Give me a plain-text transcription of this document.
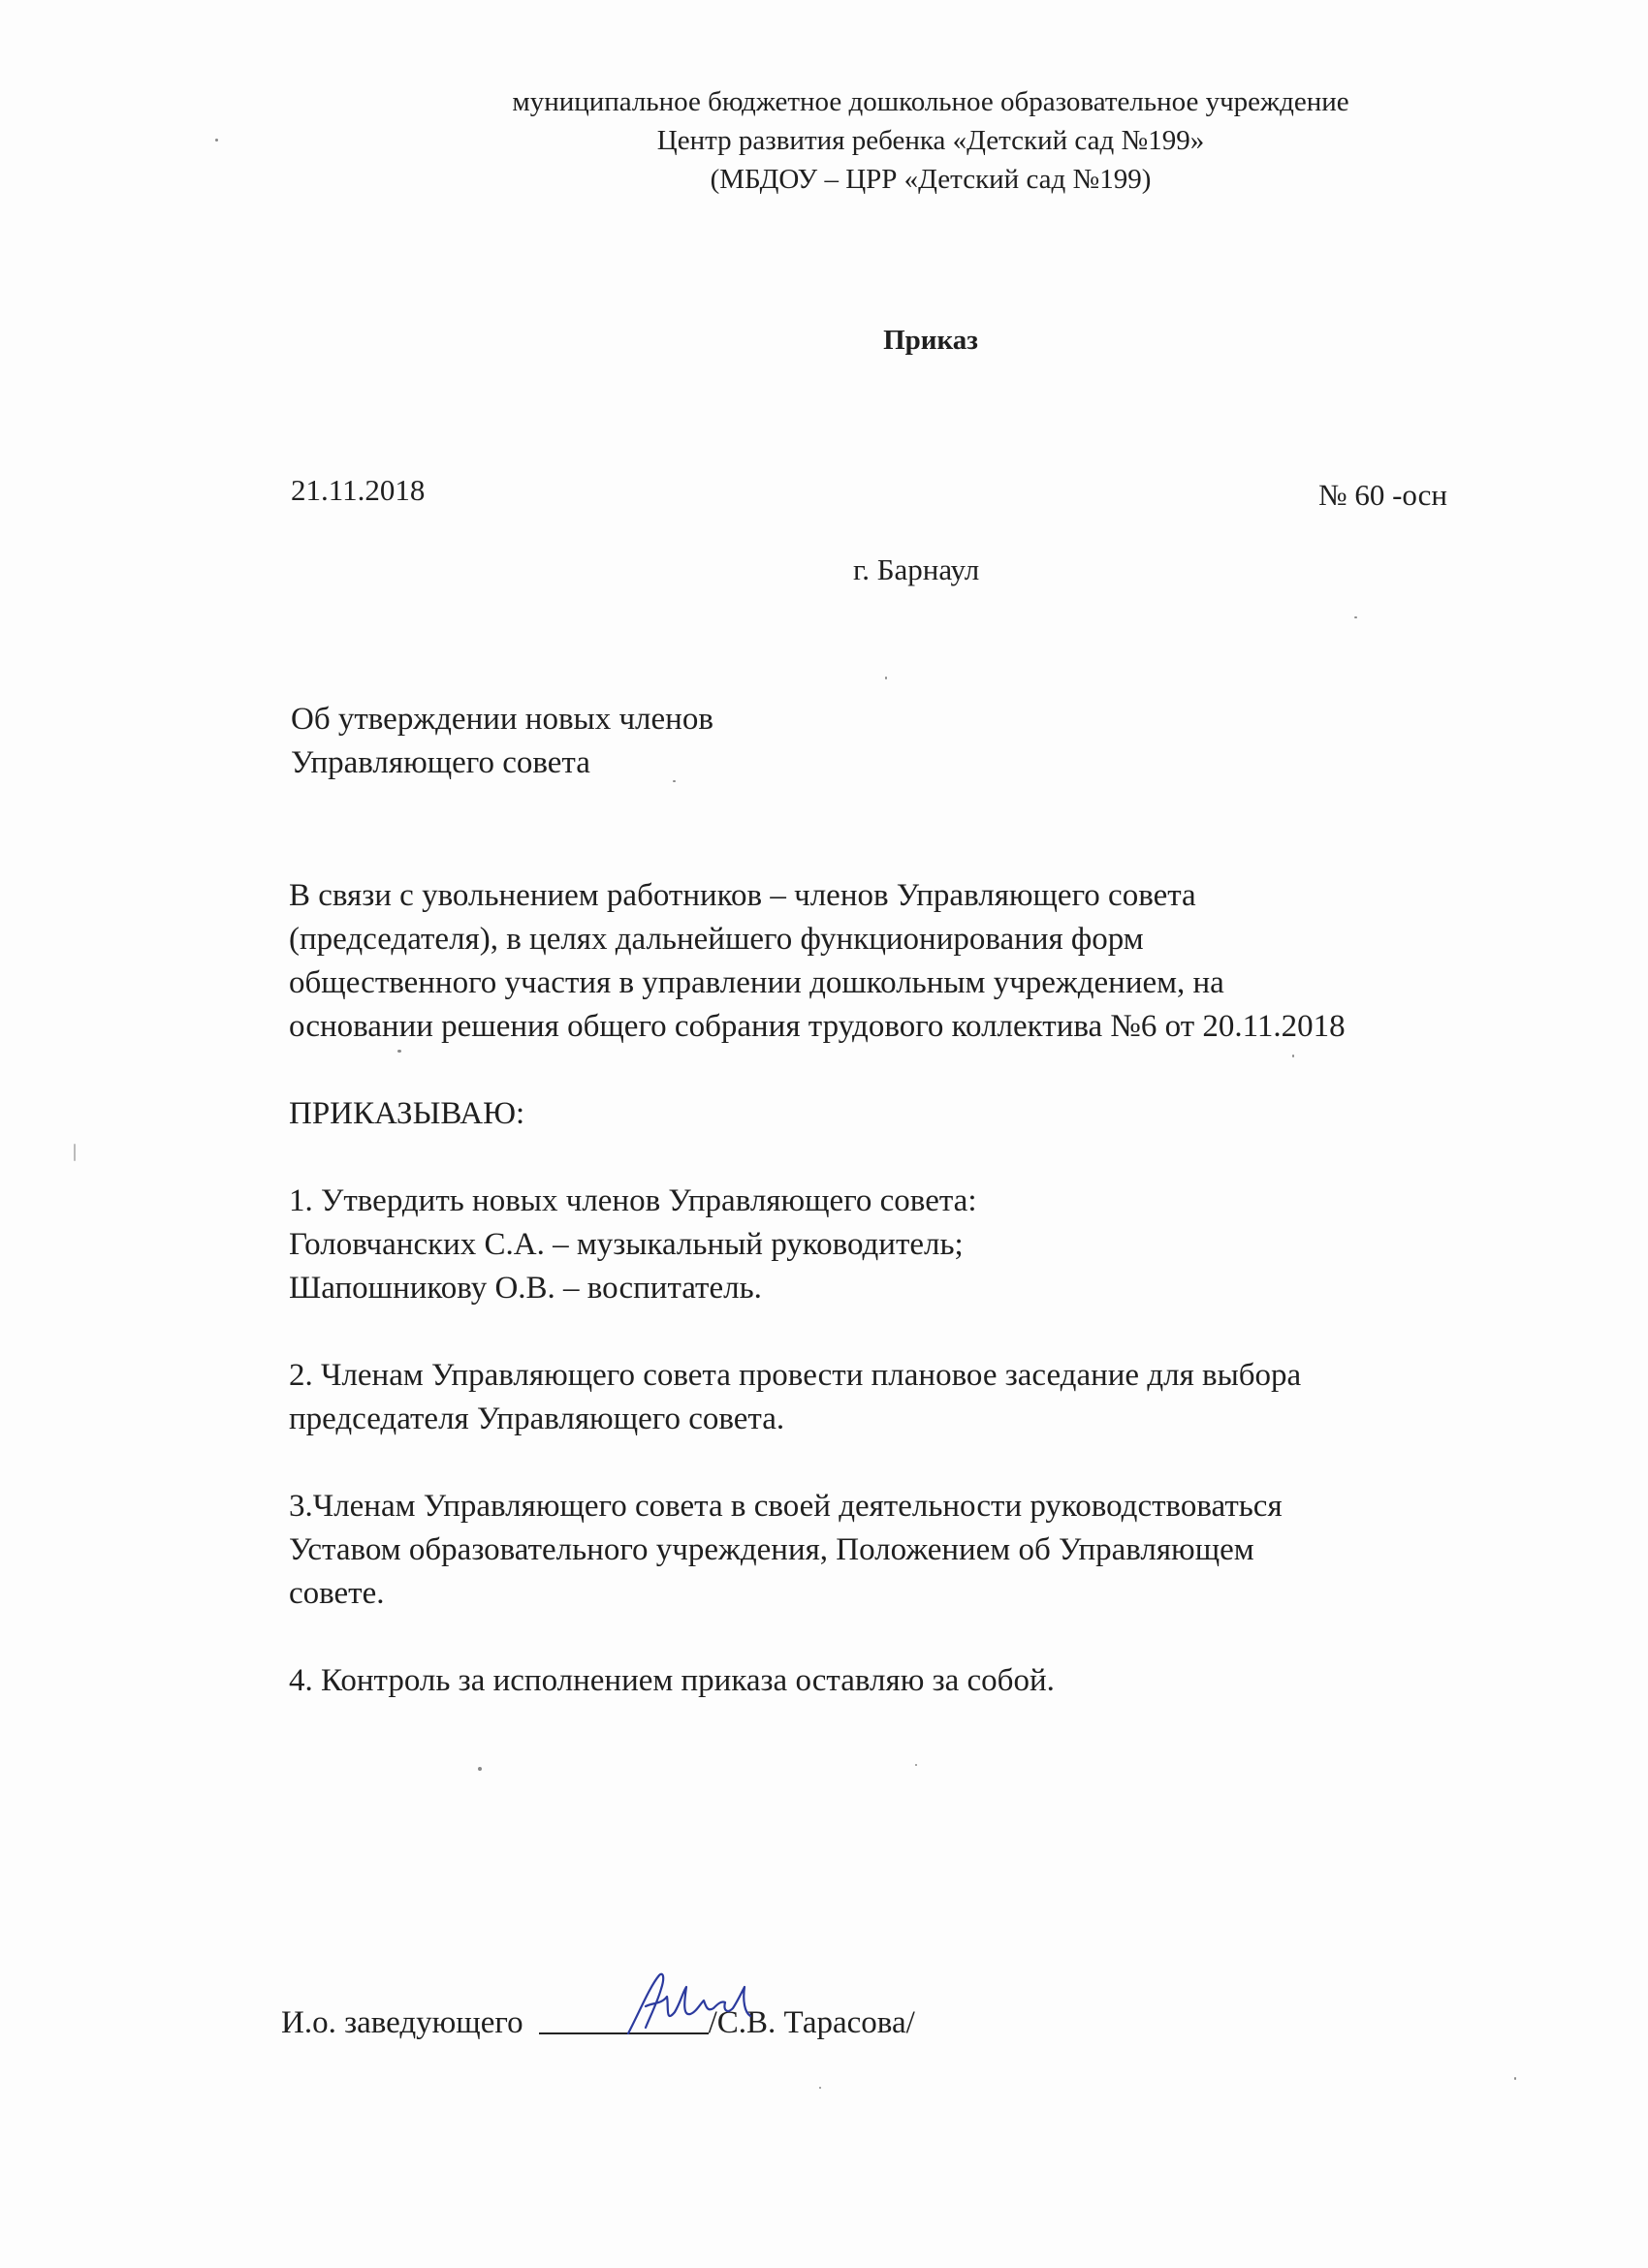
муниципальное бюджетное дошкольное образовательное учреждение
Центр развития ребенка «Детский сад №199»
(МБДОУ – ЦРР «Детский сад №199)
Приказ
21.11.2018	№ 60 -осн
г. Барнаул
Об утверждении новых членов
Управляющего совета
В связи с увольнением работников – членов Управляющего совета
(председателя), в целях дальнейшего функционирования форм
общественного участия в управлении дошкольным учреждением, на
основании решения общего собрания трудового коллектива №6 от 20.11.2018
ПРИКАЗЫВАЮ:
1. Утвердить новых членов Управляющего совета:
Головчанских С.А. – музыкальный руководитель;
Шапошникову О.В. – воспитатель.
2. Членам Управляющего совета провести плановое заседание для выбора
председателя Управляющего совета.
3.Членам Управляющего совета в своей деятельности руководствоваться
Уставом образовательного учреждения, Положением об Управляющем
совете.
4. Контроль за исполнением приказа оставляю за собой.
И.о. заведующего	/С.В. Тарасова/
